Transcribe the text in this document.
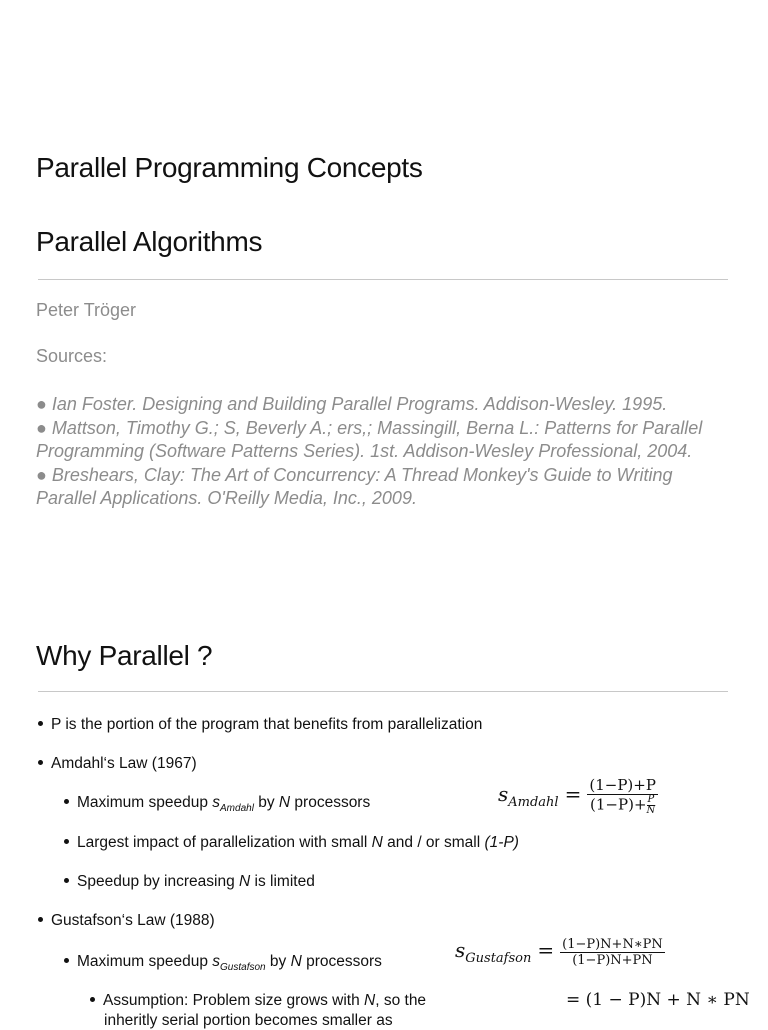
Parallel Programming Concepts
Parallel Algorithms
Peter Tröger
Sources:
● Ian Foster. Designing and Building Parallel Programs. Addison-Wesley. 1995.
● Mattson, Timothy G.; S, Beverly A.; ers,; Massingill, Berna L.: Patterns for Parallel Programming (Software Patterns Series). 1st. Addison-Wesley Professional, 2004.
● Breshears, Clay: The Art of Concurrency: A Thread Monkey's Guide to Writing Parallel Applications. O'Reilly Media, Inc., 2009.
Why Parallel ?
P is the portion of the program that benefits from parallelization
Amdahl‘s Law (1967)
Maximum speedup $s_{Amdahl}$ by N processors
Largest impact of parallelization with small N and / or small (1-P)
Speedup by increasing N is limited
Gustafson‘s Law (1988)
Maximum speedup $s_{Gustafson}$ by N processors
Assumption: Problem size grows with N, so the
inheritly serial portion becomes smaller as
$s_{Amdahl} = \frac{(1-P)+P}{(1-P)+ \frac{P}{N}}$
$s_{Gustafson} = \frac{(1-P)N+N∗PN}{(1-P)N+PN}$
= (1 − P)N + N ∗ PN
